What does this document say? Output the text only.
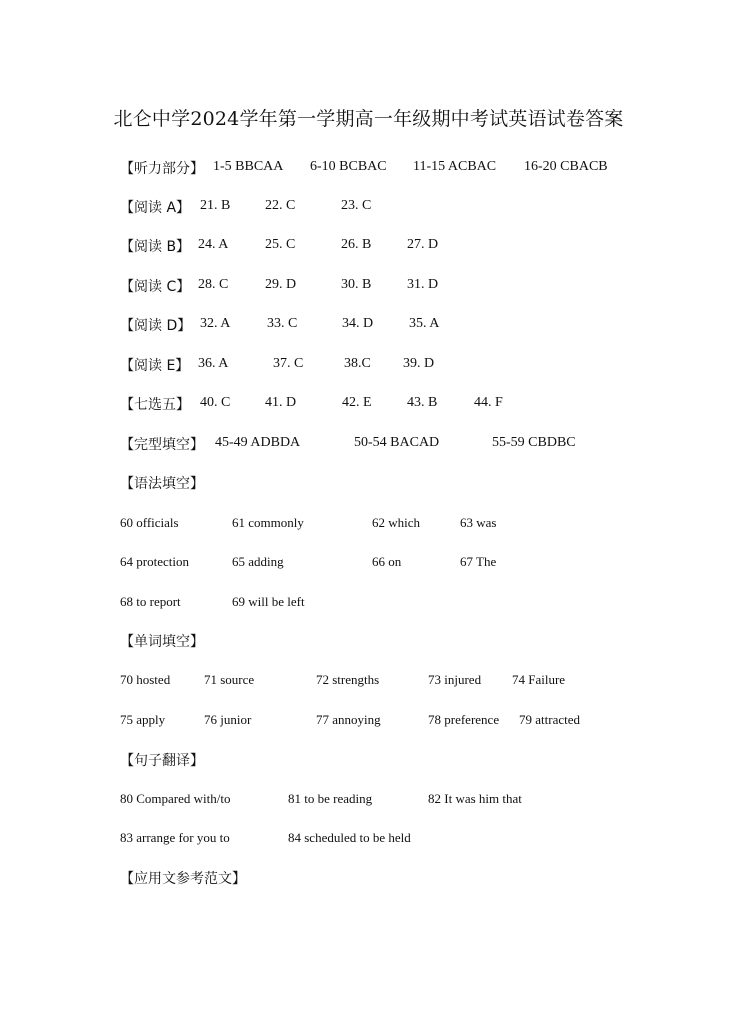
北仑中学2024学年第一学期高一年级期中考试英语试卷答案
【听力部分】 1-5 BBCAA 6-10 BCBAC 11-15 ACBAC 16-20 CBACB
【阅读 A】 21. B 22. C	23. C
【阅读 B】 24. A	25. C	26. B	27. D
【阅读 C】 28. C	29. D	30. B	31. D
【阅读 D】 32. A	33. C	34. D	35. A
【阅读 E】 36. A	37. C	38.C 39. D
【七选五】 40. C 41. D	42. E	43. B	44. F
【完型填空】 45-49 ADBDA	50-54 BACAD	55-59 CBDBC
【语法填空】
60 officials	61 commonly	62 which	63 was
64 protection	65 adding	66 on	67 The
68 to report	69 will be left
【单词填空】
70 hosted	71 source	72 strengths	73 injured 74 Failure
75 apply	76 junior	77 annoying	78 preference 79 attracted
【句子翻译】
80 Compared with/to	81 to be reading	82 It was him that
83 arrange for you to	84 scheduled to be held
【应用文参考范文】
